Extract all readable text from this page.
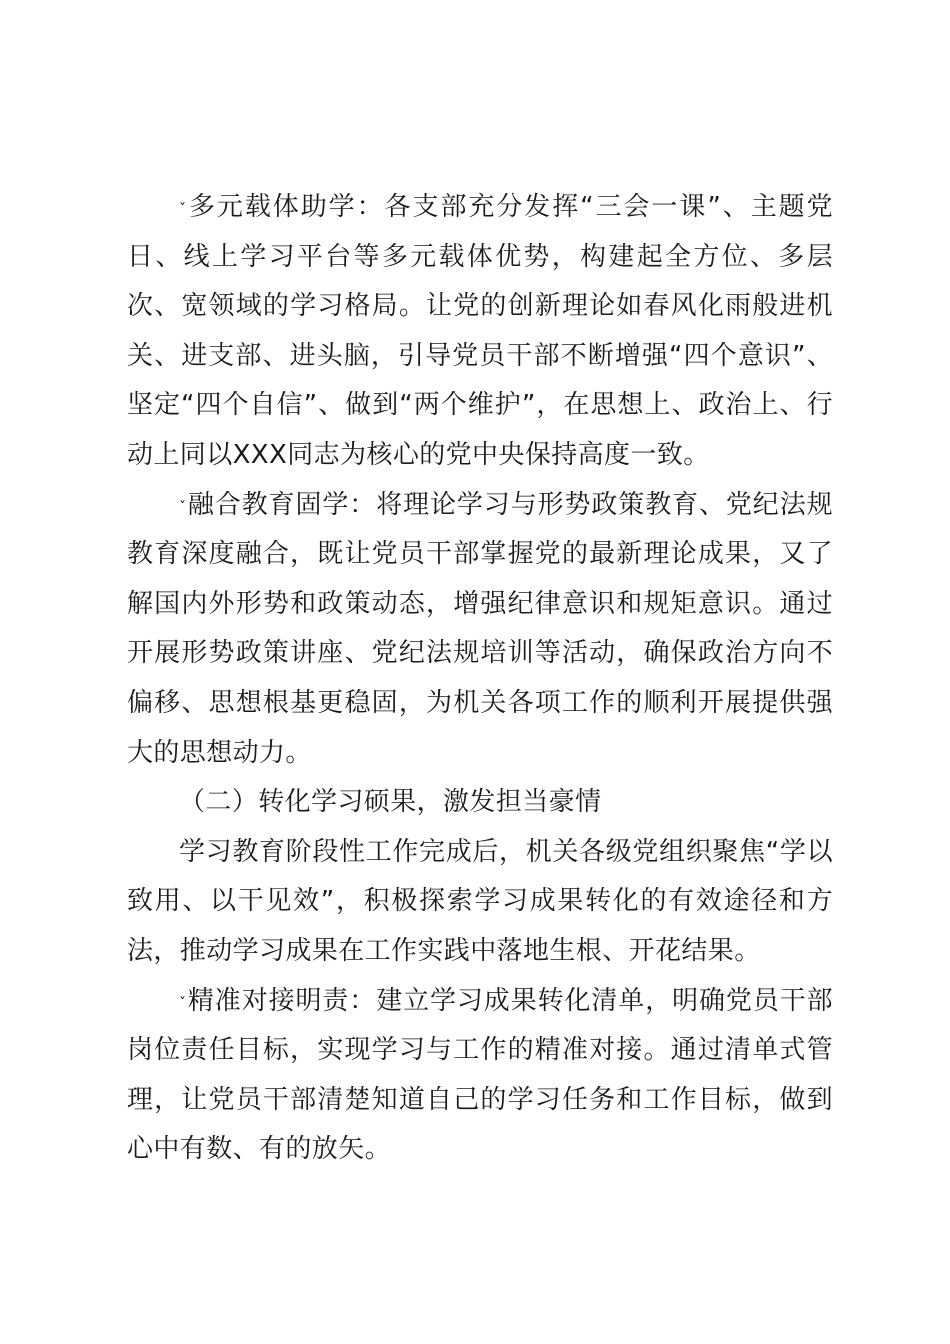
ˇ多元载体助学：各支部充分发挥“三会一课”、主题党日、线上学习平台等多元载体优势，构建起全方位、多层次、宽领域的学习格局。让党的创新理论如春风化雨般进机关、进支部、进头脑，引导党员干部不断增强“四个意识”、坚定“四个自信”、做到“两个维护”，在思想上、政治上、行动上同以XXX同志为核心的党中央保持高度一致。

ˇ融合教育固学：将理论学习与形势政策教育、党纪法规教育深度融合，既让党员干部掌握党的最新理论成果，又了解国内外形势和政策动态，增强纪律意识和规矩意识。通过开展形势政策讲座、党纪法规培训等活动，确保政治方向不偏移、思想根基更稳固，为机关各项工作的顺利开展提供强大的思想动力。

（二）转化学习硕果，激发担当豪情

学习教育阶段性工作完成后，机关各级党组织聚焦“学以致用、以干见效”，积极探索学习成果转化的有效途径和方法，推动学习成果在工作实践中落地生根、开花结果。

ˇ精准对接明责：建立学习成果转化清单，明确党员干部岗位责任目标，实现学习与工作的精准对接。通过清单式管理，让党员干部清楚知道自己的学习任务和工作目标，做到心中有数、有的放矢。
